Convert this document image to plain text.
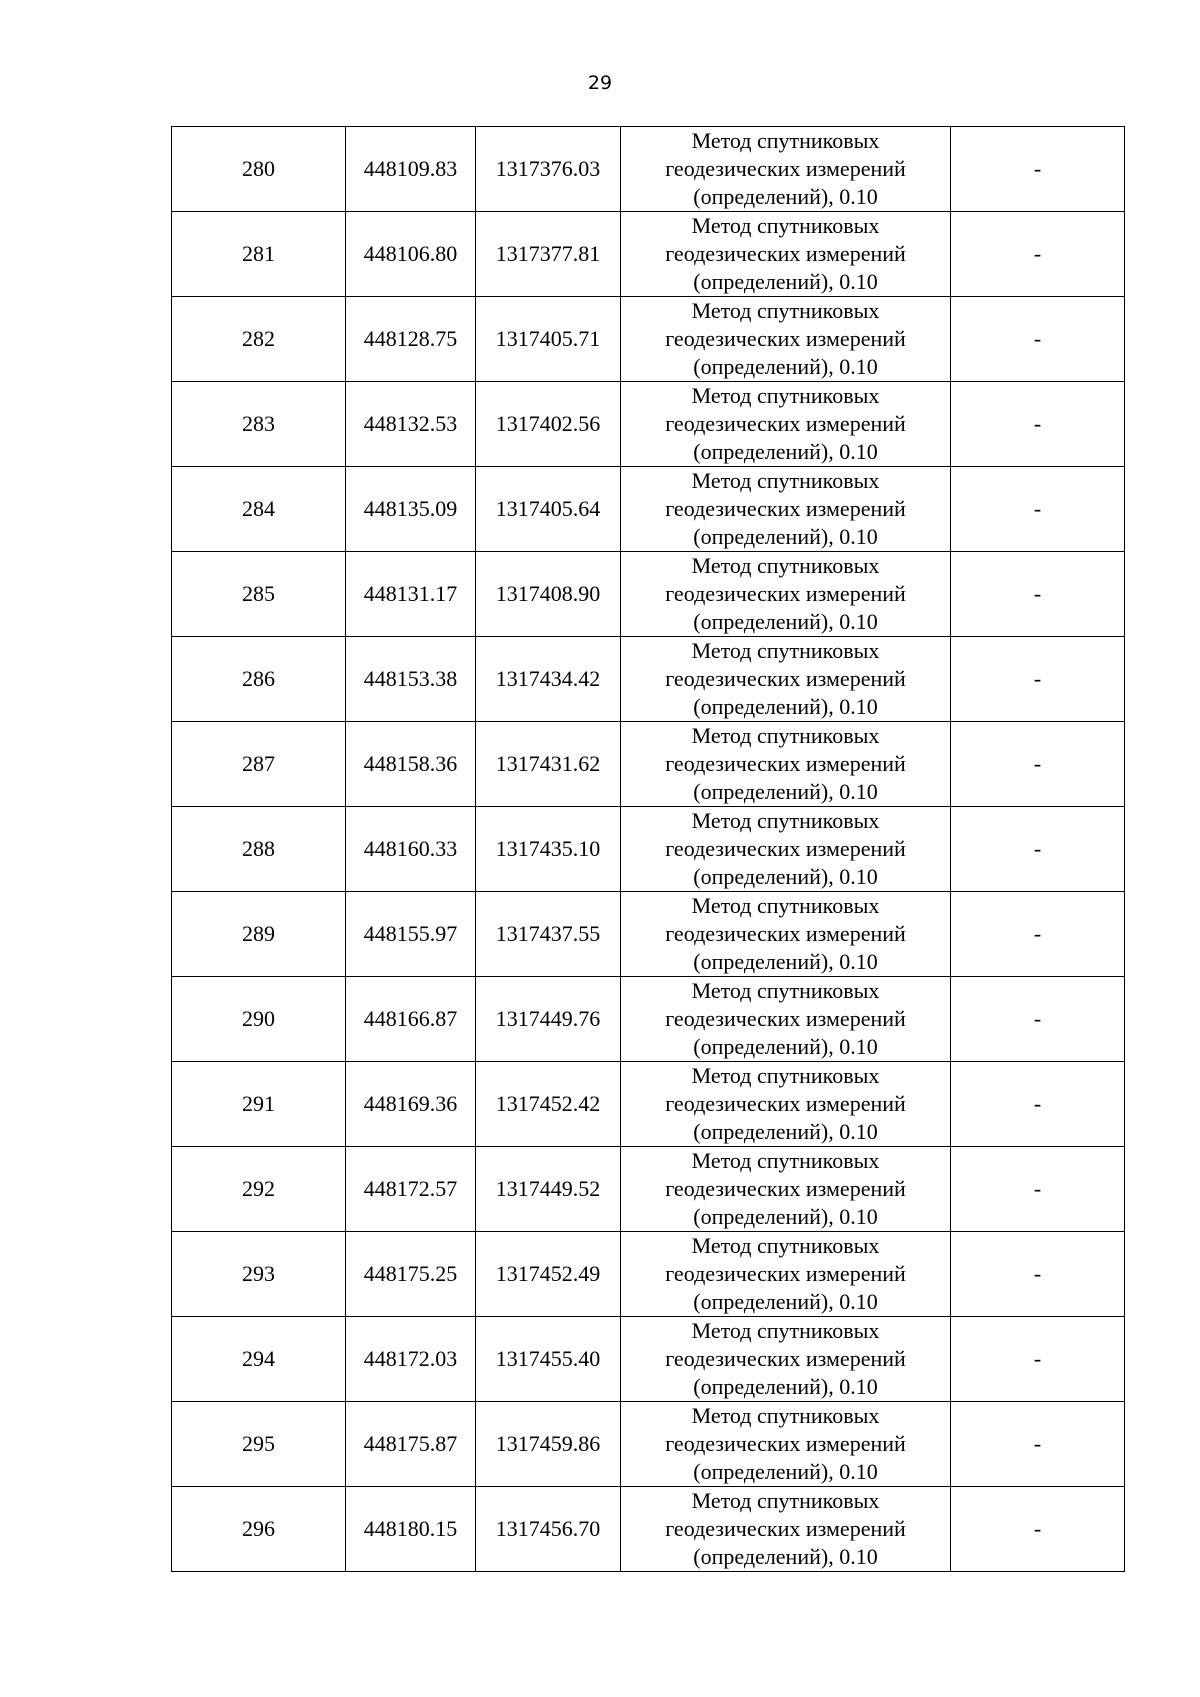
29
280	448109.83	1317376.03	Метод спутниковых
геодезических измерений
(определений), 0.10	-
281	448106.80	1317377.81	Метод спутниковых
геодезических измерений
(определений), 0.10	-
282	448128.75	1317405.71	Метод спутниковых
геодезических измерений
(определений), 0.10	-
283	448132.53	1317402.56	Метод спутниковых
геодезических измерений
(определений), 0.10	-
284	448135.09	1317405.64	Метод спутниковых
геодезических измерений
(определений), 0.10	-
285	448131.17	1317408.90	Метод спутниковых
геодезических измерений
(определений), 0.10	-
286	448153.38	1317434.42	Метод спутниковых
геодезических измерений
(определений), 0.10	-
287	448158.36	1317431.62	Метод спутниковых
геодезических измерений
(определений), 0.10	-
288	448160.33	1317435.10	Метод спутниковых
геодезических измерений
(определений), 0.10	-
289	448155.97	1317437.55	Метод спутниковых
геодезических измерений
(определений), 0.10	-
290	448166.87	1317449.76	Метод спутниковых
геодезических измерений
(определений), 0.10	-
291	448169.36	1317452.42	Метод спутниковых
геодезических измерений
(определений), 0.10	-
292	448172.57	1317449.52	Метод спутниковых
геодезических измерений
(определений), 0.10	-
293	448175.25	1317452.49	Метод спутниковых
геодезических измерений
(определений), 0.10	-
294	448172.03	1317455.40	Метод спутниковых
геодезических измерений
(определений), 0.10	-
295	448175.87	1317459.86	Метод спутниковых
геодезических измерений
(определений), 0.10	-
296	448180.15	1317456.70	Метод спутниковых
геодезических измерений
(определений), 0.10	-
